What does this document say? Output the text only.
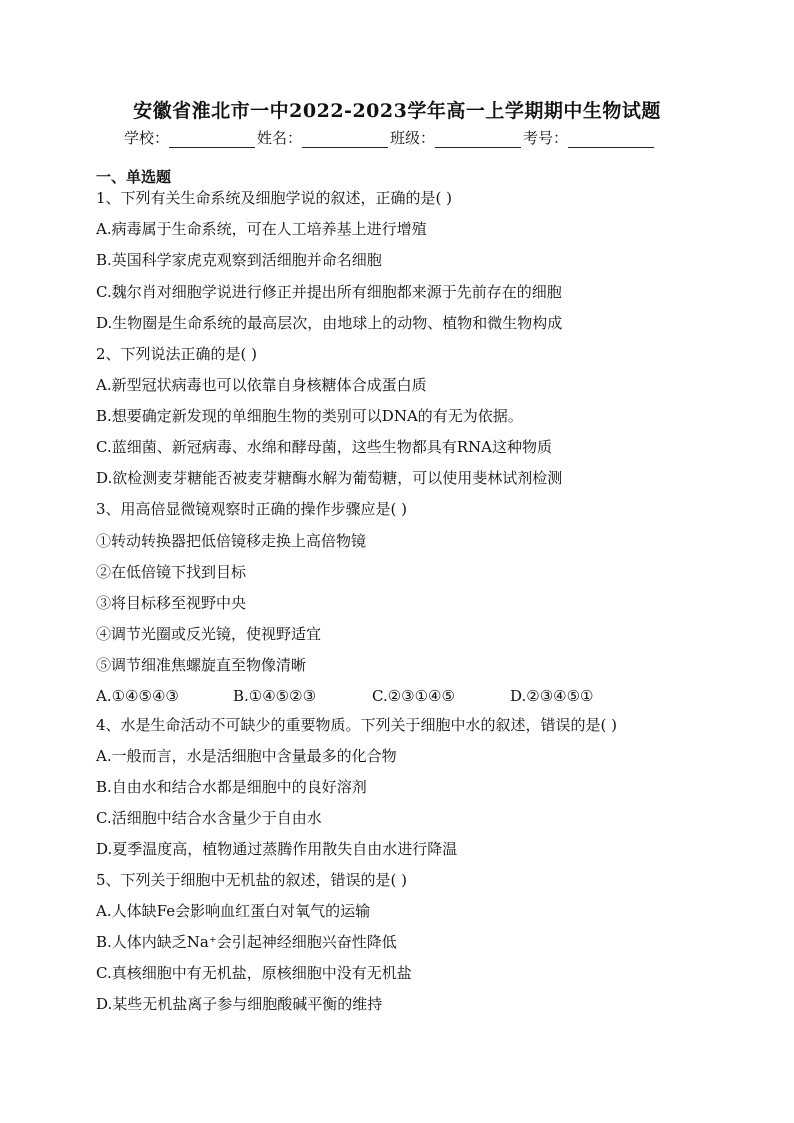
安徽省淮北市一中2022-2023学年高一上学期期中生物试题
学校：	姓名：	班级：	考号：
一、单选题
1、下列有关生命系统及细胞学说的叙述，正确的是( )
A.病毒属于生命系统，可在人工培养基上进行增殖
B.英国科学家虎克观察到活细胞并命名细胞
C.魏尔肖对细胞学说进行修正并提出所有细胞都来源于先前存在的细胞
D.生物圈是生命系统的最高层次，由地球上的动物、植物和微生物构成
2、下列说法正确的是( )
A.新型冠状病毒也可以依靠自身核糖体合成蛋白质
B.想要确定新发现的单细胞生物的类别可以DNA的有无为依据。
C.蓝细菌、新冠病毒、水绵和酵母菌，这些生物都具有RNA这种物质
D.欲检测麦芽糖能否被麦芽糖酶水解为葡萄糖，可以使用斐林试剂检测
3、用高倍显微镜观察时正确的操作步骤应是( )
①转动转换器把低倍镜移走换上高倍物镜
②在低倍镜下找到目标
③将目标移至视野中央
④调节光圈或反光镜，使视野适宜
⑤调节细准焦螺旋直至物像清晰
A.①④⑤④③	B.①④⑤②③	C.②③①④⑤	D.②③④⑤①
4、水是生命活动不可缺少的重要物质。下列关于细胞中水的叙述，错误的是( )
A.一般而言，水是活细胞中含量最多的化合物
B.自由水和结合水都是细胞中的良好溶剂
C.活细胞中结合水含量少于自由水
D.夏季温度高，植物通过蒸腾作用散失自由水进行降温
5、下列关于细胞中无机盐的叙述，错误的是( )
A.人体缺Fe会影响血红蛋白对氧气的运输
B.人体内缺乏Na⁺会引起神经细胞兴奋性降低
C.真核细胞中有无机盐，原核细胞中没有无机盐
D.某些无机盐离子参与细胞酸碱平衡的维持
